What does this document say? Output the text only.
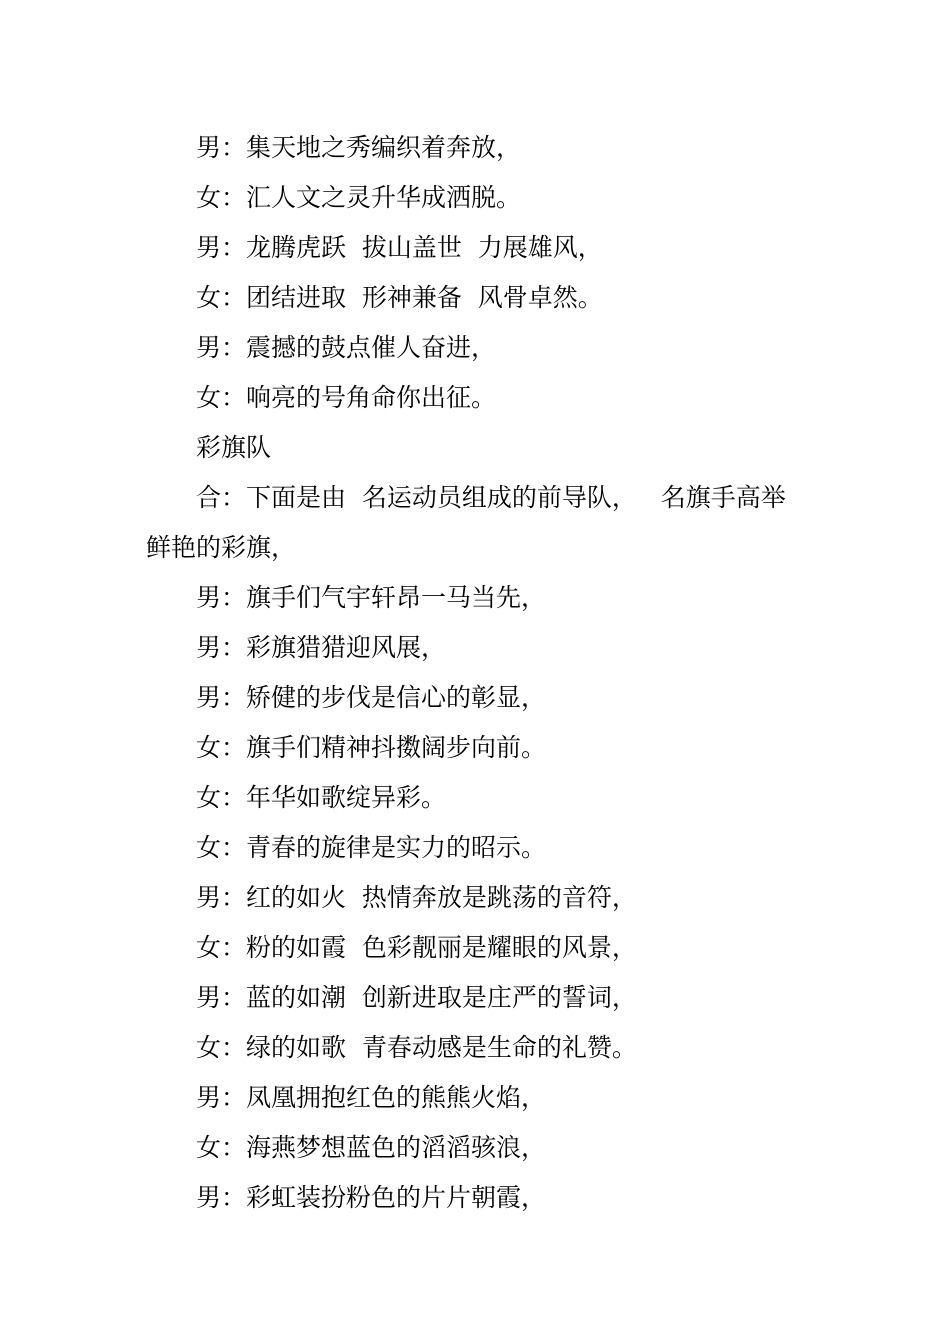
男：集天地之秀编织着奔放，

女：汇人文之灵升华成洒脱。

男：龙腾虎跃  拔山盖世  力展雄风，

女：团结进取  形神兼备  风骨卓然。

男：震撼的鼓点催人奋进，

女：响亮的号角命你出征。

彩旗队

合：下面是由  名运动员组成的前导队，   名旗手高举

鲜艳的彩旗，

男：旗手们气宇轩昂一马当先，

男：彩旗猎猎迎风展，

男：矫健的步伐是信心的彰显，

女：旗手们精神抖擞阔步向前。

女：年华如歌绽异彩。

女：青春的旋律是实力的昭示。

男：红的如火  热情奔放是跳荡的音符，

女：粉的如霞  色彩靓丽是耀眼的风景，

男：蓝的如潮  创新进取是庄严的誓词，

女：绿的如歌  青春动感是生命的礼赞。

男：凤凰拥抱红色的熊熊火焰，

女：海燕梦想蓝色的滔滔骇浪，

男：彩虹装扮粉色的片片朝霞，
